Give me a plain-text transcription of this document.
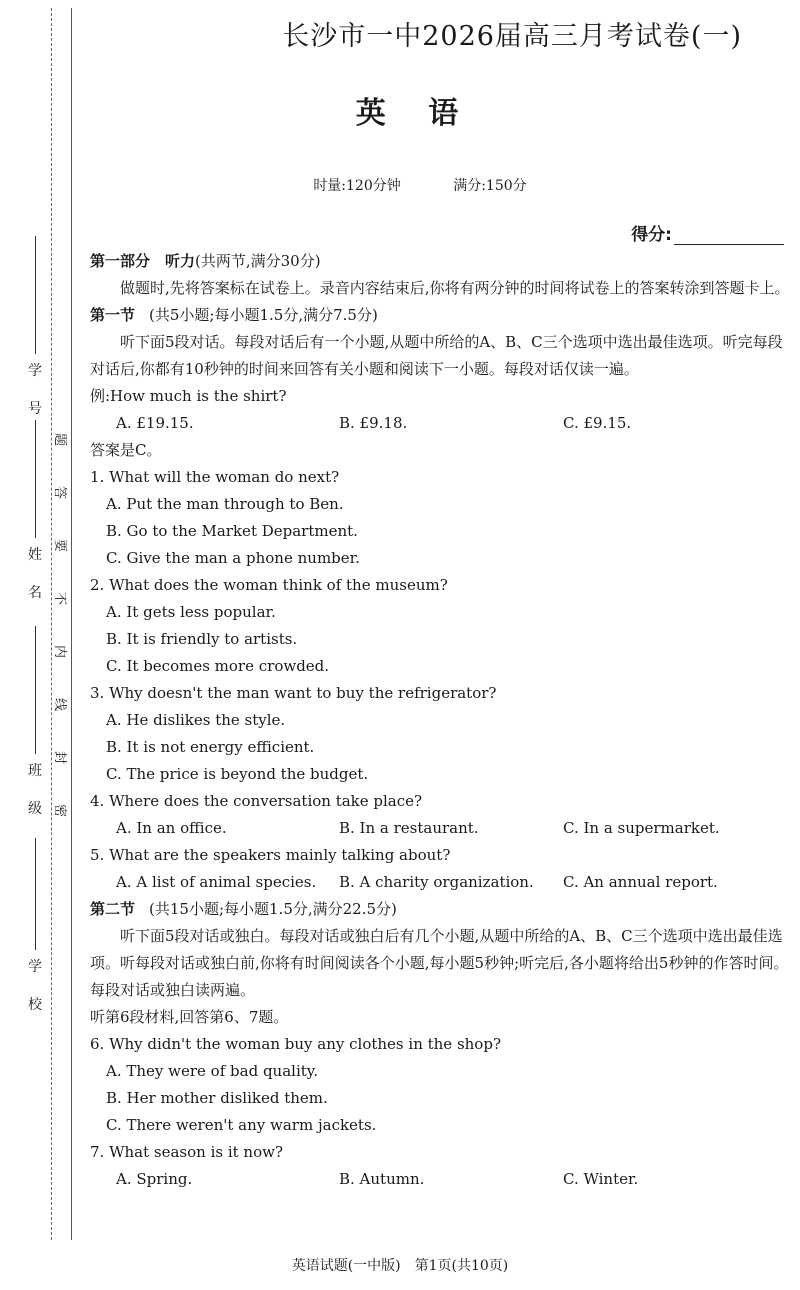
学
号
姓
名
班
级
学
校
题
答
要
不
内
线
封
密
长沙市一中2026届高三月考试卷(一)
英 语
时量:120分钟	满分:150分
得分:

第一部分　听力(共两节,满分30分)

做题时,先将答案标在试卷上。录音内容结束后,你将有两分钟的时间将试卷上的答案转涂到答题卡上。

第一节 (共5小题;每小题1.5分,满分7.5分)

听下面5段对话。每段对话后有一个小题,从题中所给的A、B、C三个选项中选出最佳选项。听完每段对话后,你都有10秒钟的时间来回答有关小题和阅读下一小题。每段对话仅读一遍。

例:How much is the shirt?

A. £19.15.	B. £9.18.	C. £9.15.

答案是C。

1. What will the woman do next?

A. Put the man through to Ben.

B. Go to the Market Department.

C. Give the man a phone number.

2. What does the woman think of the museum?

A. It gets less popular.

B. It is friendly to artists.

C. It becomes more crowded.

3. Why doesn't the man want to buy the refrigerator?

A. He dislikes the style.

B. It is not energy efficient.

C. The price is beyond the budget.

4. Where does the conversation take place?

A. In an office.	B. In a restaurant.	C. In a supermarket.

5. What are the speakers mainly talking about?

A. A list of animal species.	B. A charity organization.	C. An annual report.

第二节 (共15小题;每小题1.5分,满分22.5分)

听下面5段对话或独白。每段对话或独白后有几个小题,从题中所给的A、B、C三个选项中选出最佳选项。听每段对话或独白前,你将有时间阅读各个小题,每小题5秒钟;听完后,各小题将给出5秒钟的作答时间。每段对话或独白读两遍。

听第6段材料,回答第6、7题。

6. Why didn't the woman buy any clothes in the shop?

A. They were of bad quality.

B. Her mother disliked them.

C. There weren't any warm jackets.

7. What season is it now?

A. Spring.	B. Autumn.	C. Winter.
英语试题(一中版)　第1页(共10页)
